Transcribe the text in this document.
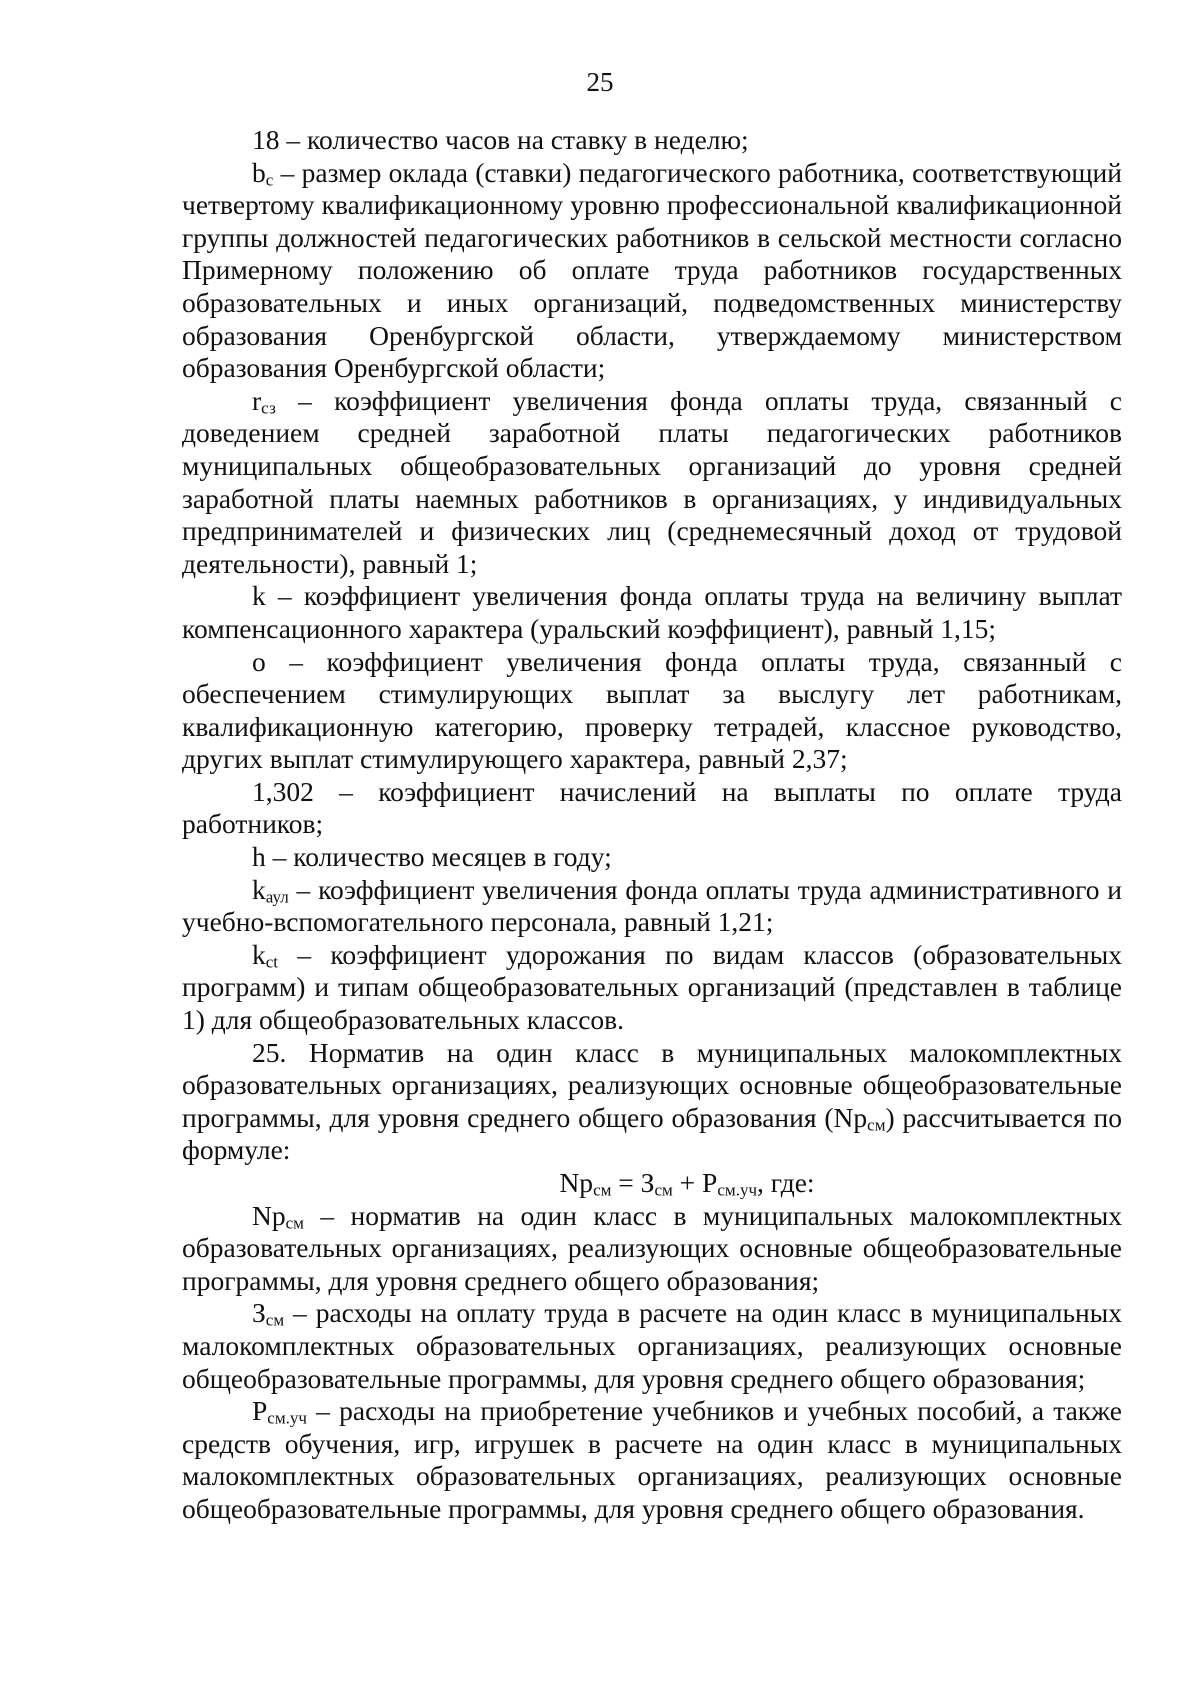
25

18 – количество часов на ставку в неделю;

$b_c$ – размер оклада (ставки) педагогического работника, соответствующий четвертому квалификационному уровню профессиональной квалификационной группы должностей педагогических работников в сельской местности согласно Примерному положению об оплате труда работников государственных образовательных и иных организаций, подведомственных министерству образования Оренбургской области, утверждаемому министерством образования Оренбургской области;

$r_{сз}$ – коэффициент увеличения фонда оплаты труда, связанный с доведением средней заработной платы педагогических работников муниципальных общеобразовательных организаций до уровня средней заработной платы наемных работников в организациях, у индивидуальных предпринимателей и физических лиц (среднемесячный доход от трудовой деятельности), равный 1;

k – коэффициент увеличения фонда оплаты труда на величину выплат компенсационного характера (уральский коэффициент), равный 1,15;

o – коэффициент увеличения фонда оплаты труда, связанный с обеспечением стимулирующих выплат за выслугу лет работникам, квалификационную категорию, проверку тетрадей, классное руководство, других выплат стимулирующего характера, равный 2,37;

1,302 – коэффициент начислений на выплаты по оплате труда работников;

h – количество месяцев в году;

$k_{аул}$ – коэффициент увеличения фонда оплаты труда административного и учебно-вспомогательного персонала, равный 1,21;

$k_{ct}$ – коэффициент удорожания по видам классов (образовательных программ) и типам общеобразовательных организаций (представлен в таблице 1) для общеобразовательных классов.

25. Норматив на один класс в муниципальных малокомплектных образовательных организациях, реализующих основные общеобразовательные программы, для уровня среднего общего образования $(Np_{см})$ рассчитывается по формуле:

$Np_{см} = З_{см} + Р_{см.уч}$, где:

$Np_{см}$ – норматив на один класс в муниципальных малокомплектных образовательных организациях, реализующих основные общеобразовательные программы, для уровня среднего общего образования;

$З_{см}$ – расходы на оплату труда в расчете на один класс в муниципальных малокомплектных образовательных организациях, реализующих основные общеобразовательные программы, для уровня среднего общего образования;

$Р_{см.уч}$ – расходы на приобретение учебников и учебных пособий, а также средств обучения, игр, игрушек в расчете на один класс в муниципальных малокомплектных образовательных организациях, реализующих основные общеобразовательные программы, для уровня среднего общего образования.
